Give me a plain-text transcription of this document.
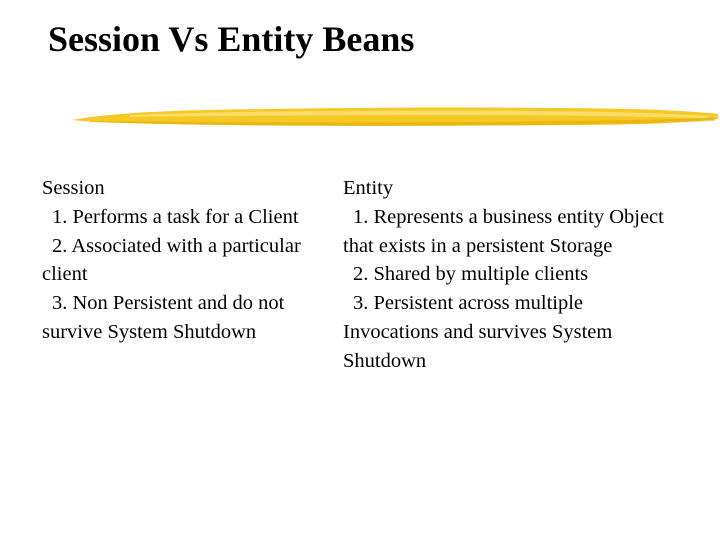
Session Vs Entity Beans
Session
1. Performs a task for a Client
2. Associated with a particular client
3. Non Persistent and do not survive System Shutdown
Entity
1. Represents a business entity Object that exists in a persistent Storage
2. Shared by multiple clients
3. Persistent across multiple Invocations and survives System Shutdown
